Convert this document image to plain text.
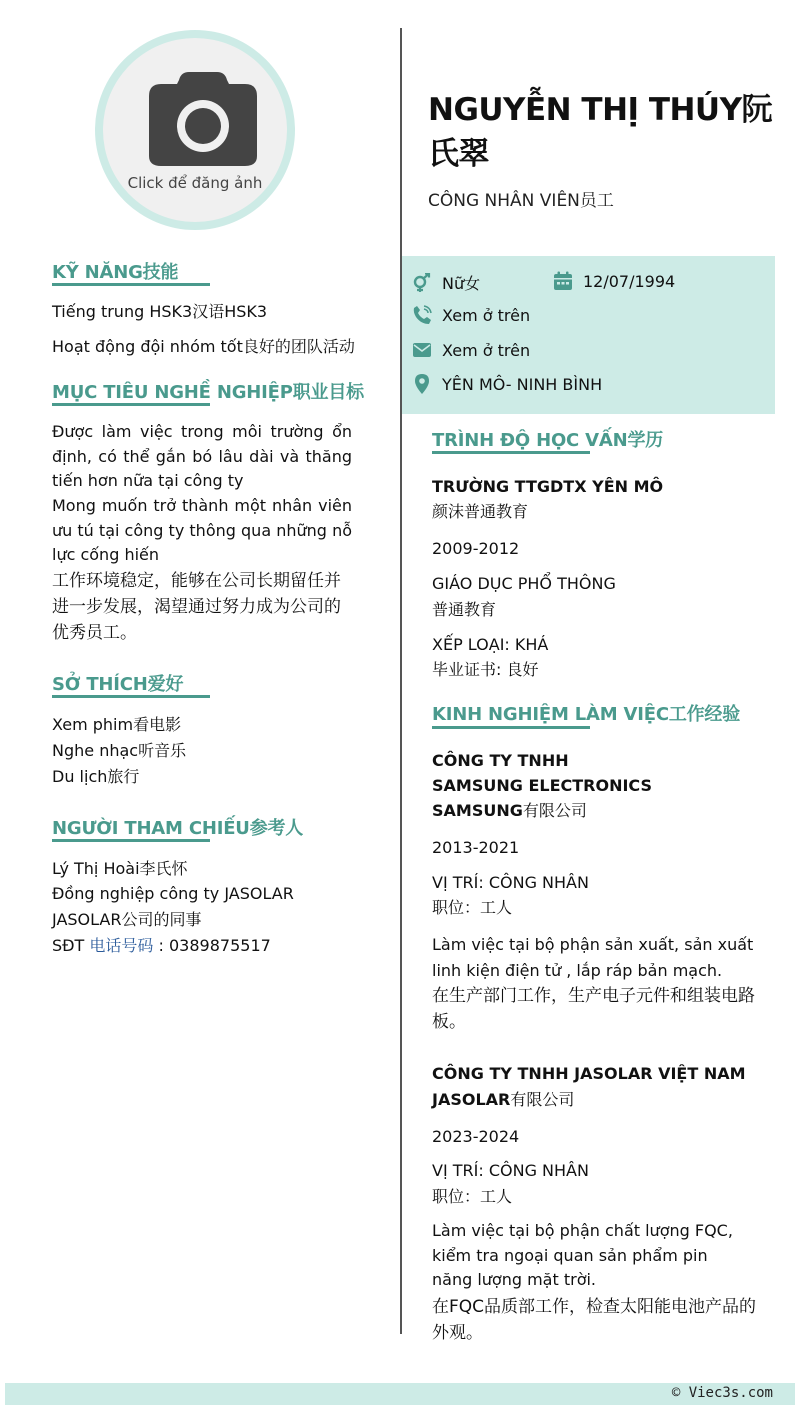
Click để đăng ảnh
KỸ NĂNG技能
Tiếng trung HSK3汉语HSK3
Hoạt động đội nhóm tốt良好的团队活动
MỤC TIÊU NGHỀ NGHIỆP职业目标
Được làm việc trong môi trường ổn định, có thể gắn bó lâu dài và thăng tiến hơn nữa tại công ty
Mong muốn trở thành một nhân viên ưu tú tại công ty thông qua những nỗ lực cống hiến
工作环境稳定，能够在公司长期留任并进一步发展，渴望通过努力成为公司的优秀员工。
SỞ THÍCH爱好
Xem phim看电影
Nghe nhạc听音乐
Du lịch旅行
NGƯỜI THAM CHIẾU参考人
Lý Thị Hoài李氏怀
Đồng nghiệp công ty JASOLAR
JASOLAR公司的同事
SĐT 电话号码 : 0389875517
NGUYỄN THỊ THÚY阮氏翠
CÔNG NHÂN VIÊN员工
Nữ女	12/07/1994
Xem ở trên
Xem ở trên
YÊN MÔ- NINH BÌNH
TRÌNH ĐỘ HỌC VẤN学历
TRƯỜNG TTGDTX YÊN MÔ
颜沫普通教育
2009-2012
GIÁO DỤC PHỔ THÔNG
普通教育
XẾP LOẠI: KHÁ
毕业证书: 良好
KINH NGHIỆM LÀM VIỆC工作经验
CÔNG TY TNHH SAMSUNG ELECTRONICS
SAMSUNG有限公司
2013-2021
VỊ TRÍ: CÔNG NHÂN
职位：工人
Làm việc tại bộ phận sản xuất, sản xuất linh kiện điện tử , lắp ráp bản mạch.
在生产部门工作，生产电子元件和组装电路板。
CÔNG TY TNHH JASOLAR VIỆT NAM
JASOLAR有限公司
2023-2024
VỊ TRÍ: CÔNG NHÂN
职位：工人
Làm việc tại bộ phận chất lượng FQC, kiểm tra ngoại quan sản phẩm pin năng lượng mặt trời.
在FQC品质部工作，检查太阳能电池产品的外观。
© Viec3s.com
